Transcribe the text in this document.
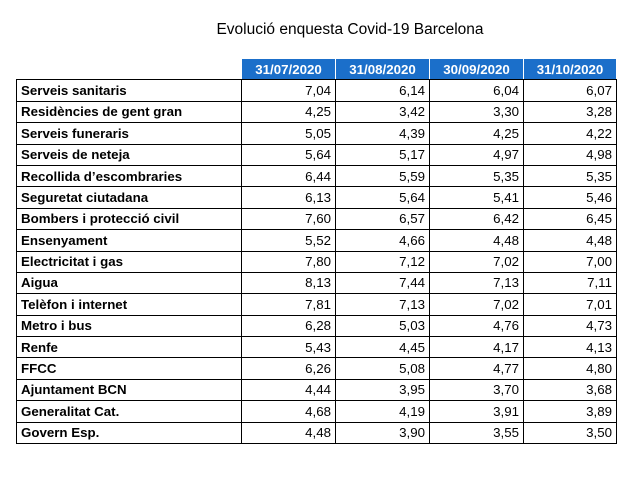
Evolució enquesta Covid-19 Barcelona
	31/07/2020	31/08/2020	30/09/2020	31/10/2020
Serveis sanitaris	7,04	6,14	6,04	6,07
Residències de gent gran	4,25	3,42	3,30	3,28
Serveis funeraris	5,05	4,39	4,25	4,22
Serveis de neteja	5,64	5,17	4,97	4,98
Recollida d’escombraries	6,44	5,59	5,35	5,35
Seguretat ciutadana	6,13	5,64	5,41	5,46
Bombers i protecció civil	7,60	6,57	6,42	6,45
Ensenyament	5,52	4,66	4,48	4,48
Electricitat i gas	7,80	7,12	7,02	7,00
Aigua	8,13	7,44	7,13	7,11
Telèfon i internet	7,81	7,13	7,02	7,01
Metro i bus	6,28	5,03	4,76	4,73
Renfe	5,43	4,45	4,17	4,13
FFCC	6,26	5,08	4,77	4,80
Ajuntament BCN	4,44	3,95	3,70	3,68
Generalitat Cat.	4,68	4,19	3,91	3,89
Govern Esp.	4,48	3,90	3,55	3,50
